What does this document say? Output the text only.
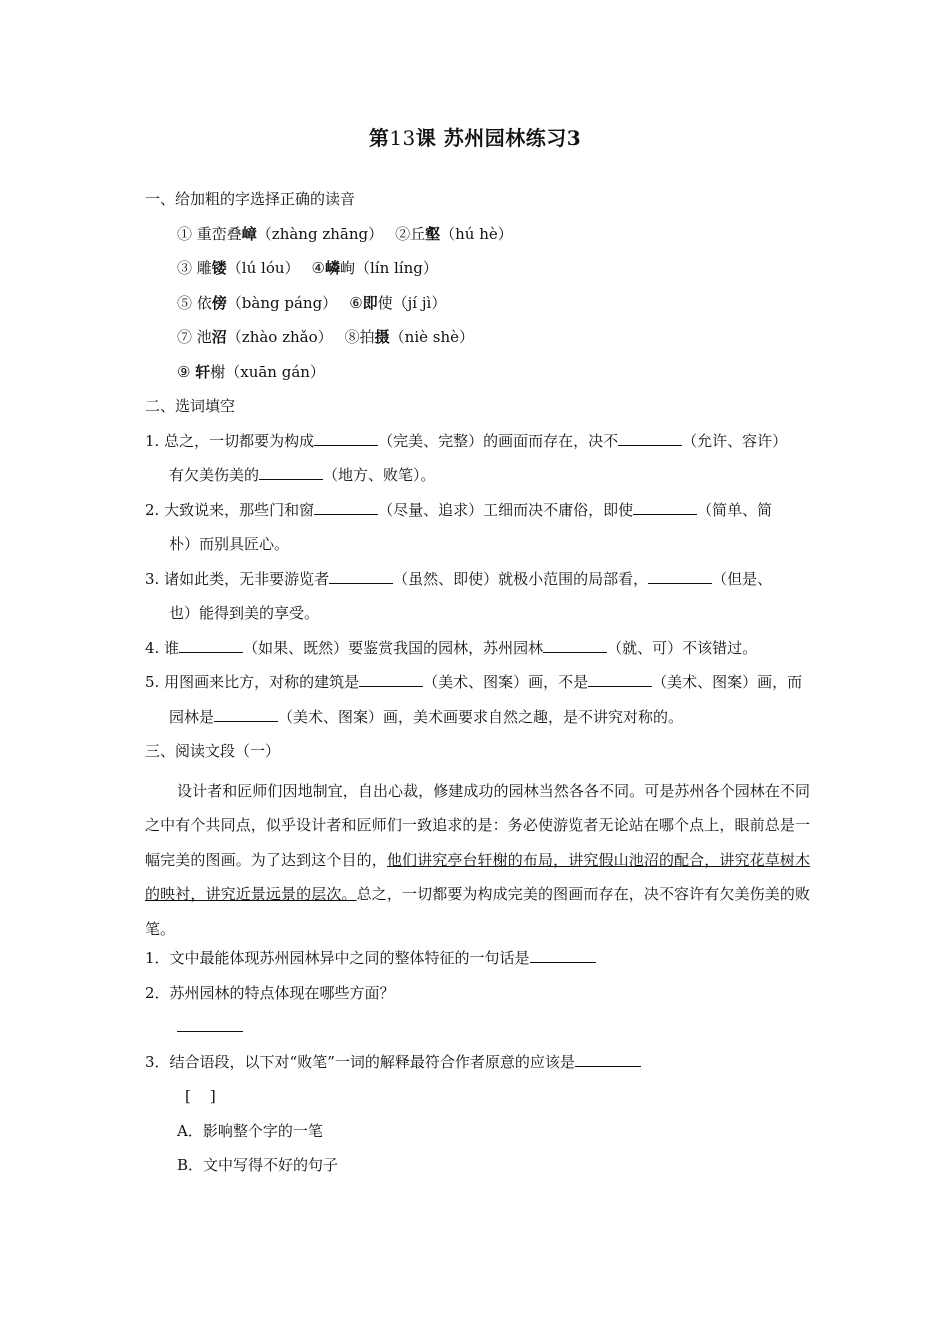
第13课 苏州园林练习3
一、给加粗的字选择正确的读音
① 重峦叠嶂（zhàng zhāng） ②丘壑（hú hè）
③ 雕镂（lú lóu） ④嶙峋（lín líng）
⑤ 依傍（bàng páng） ⑥即使（jí jì）
⑦ 池沼（zhào zhǎo） ⑧拍摄（niè shè）
⑨ 轩榭（xuān gán）
二、选词填空
1. 总之，一切都要为构成	（完美、完整）的画面而存在，决不	（允许、容许）
有欠美伤美的	（地方、败笔）。
2. 大致说来，那些门和窗	（尽量、追求）工细而决不庸俗，即使	（简单、简
朴）而别具匠心。
3. 诸如此类，无非要游览者	（虽然、即使）就极小范围的局部看，	（但是、
也）能得到美的享受。
4. 谁	（如果、既然）要鉴赏我国的园林，苏州园林	（就、可）不该错过。
5. 用图画来比方，对称的建筑是	（美术、图案）画，不是	（美术、图案）画，而
园林是	（美术、图案）画，美术画要求自然之趣，是不讲究对称的。
三、阅读文段（一）
设计者和匠师们因地制宜，自出心裁，修建成功的园林当然各各不同。可是苏州各个园林在不同之中有个共同点，似乎设计者和匠师们一致追求的是：务必使游览者无论站在哪个点上，眼前总是一幅完美的图画。为了达到这个目的，他们讲究亭台轩榭的布局，讲究假山池沼的配合，讲究花草树木的映衬，讲究近景远景的层次。总之，一切都要为构成完美的图画而存在，决不容许有欠美伤美的败笔。
1．文中最能体现苏州园林异中之同的整体特征的一句话是
2．苏州园林的特点体现在哪些方面？
3．结合语段，以下对“败笔”一词的解释最符合作者原意的应该是
[    ]
A．影响整个字的一笔
B．文中写得不好的句子
